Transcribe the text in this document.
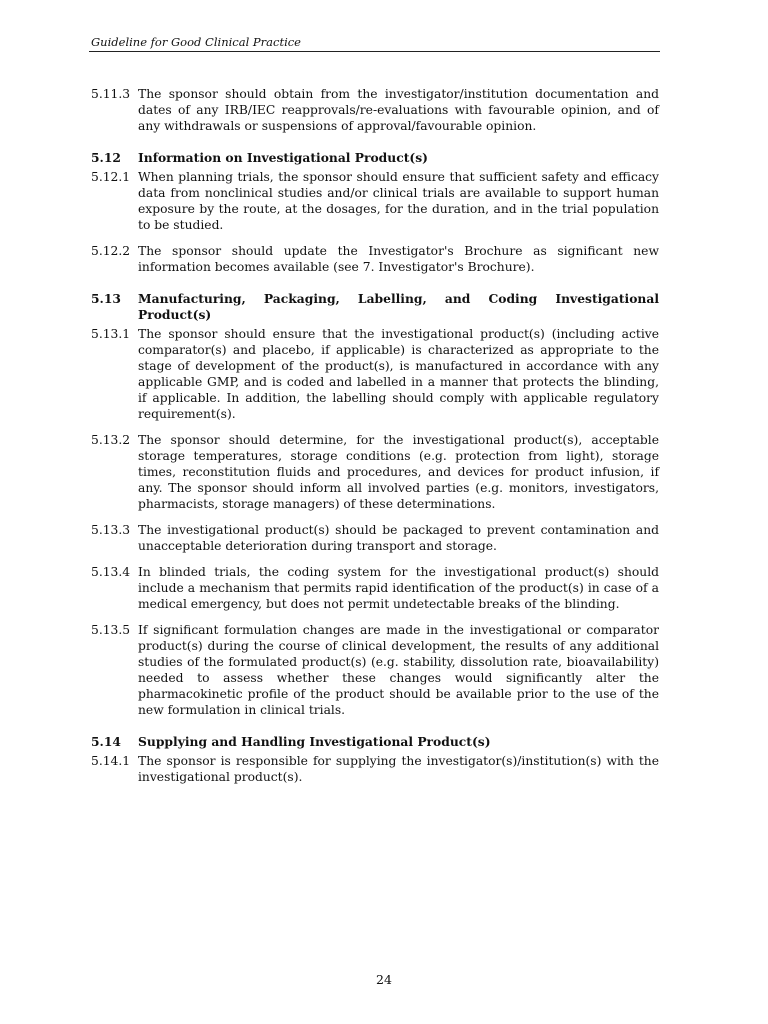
Guideline for Good Clinical Practice
5.11.3 The sponsor should obtain from the investigator/institution documentation and dates of any IRB/IEC reapprovals/re-evaluations with favourable opinion, and of any withdrawals or suspensions of approval/favourable opinion.
5.12	Information on Investigational Product(s)
5.12.1 When planning trials, the sponsor should ensure that sufficient safety and efficacy data from nonclinical studies and/or clinical trials are available to support human exposure by the route, at the dosages, for the duration, and in the trial population to be studied.
5.12.2 The sponsor should update the Investigator's Brochure as significant new information becomes available (see 7. Investigator's Brochure).
5.13	Manufacturing, Packaging, Labelling, and Coding Investigational Product(s)
5.13.1 The sponsor should ensure that the investigational product(s) (including active comparator(s) and placebo, if applicable) is characterized as appropriate to the stage of development of the product(s), is manufactured in accordance with any applicable GMP, and is coded and labelled in a manner that protects the blinding, if applicable. In addition, the labelling should comply with applicable regulatory requirement(s).
5.13.2 The sponsor should determine, for the investigational product(s), acceptable storage temperatures, storage conditions (e.g. protection from light), storage times, reconstitution fluids and procedures, and devices for product infusion, if any. The sponsor should inform all involved parties (e.g. monitors, investigators, pharmacists, storage managers) of these determinations.
5.13.3 The investigational product(s) should be packaged to prevent contamination and unacceptable deterioration during transport and storage.
5.13.4 In blinded trials, the coding system for the investigational product(s) should include a mechanism that permits rapid identification of the product(s) in case of a medical emergency, but does not permit undetectable breaks of the blinding.
5.13.5 If significant formulation changes are made in the investigational or comparator product(s) during the course of clinical development, the results of any additional studies of the formulated product(s) (e.g. stability, dissolution rate, bioavailability) needed to assess whether these changes would significantly alter the pharmacokinetic profile of the product should be available prior to the use of the new formulation in clinical trials.
5.14	Supplying and Handling Investigational Product(s)
5.14.1 The sponsor is responsible for supplying the investigator(s)/institution(s) with the investigational product(s).
24
